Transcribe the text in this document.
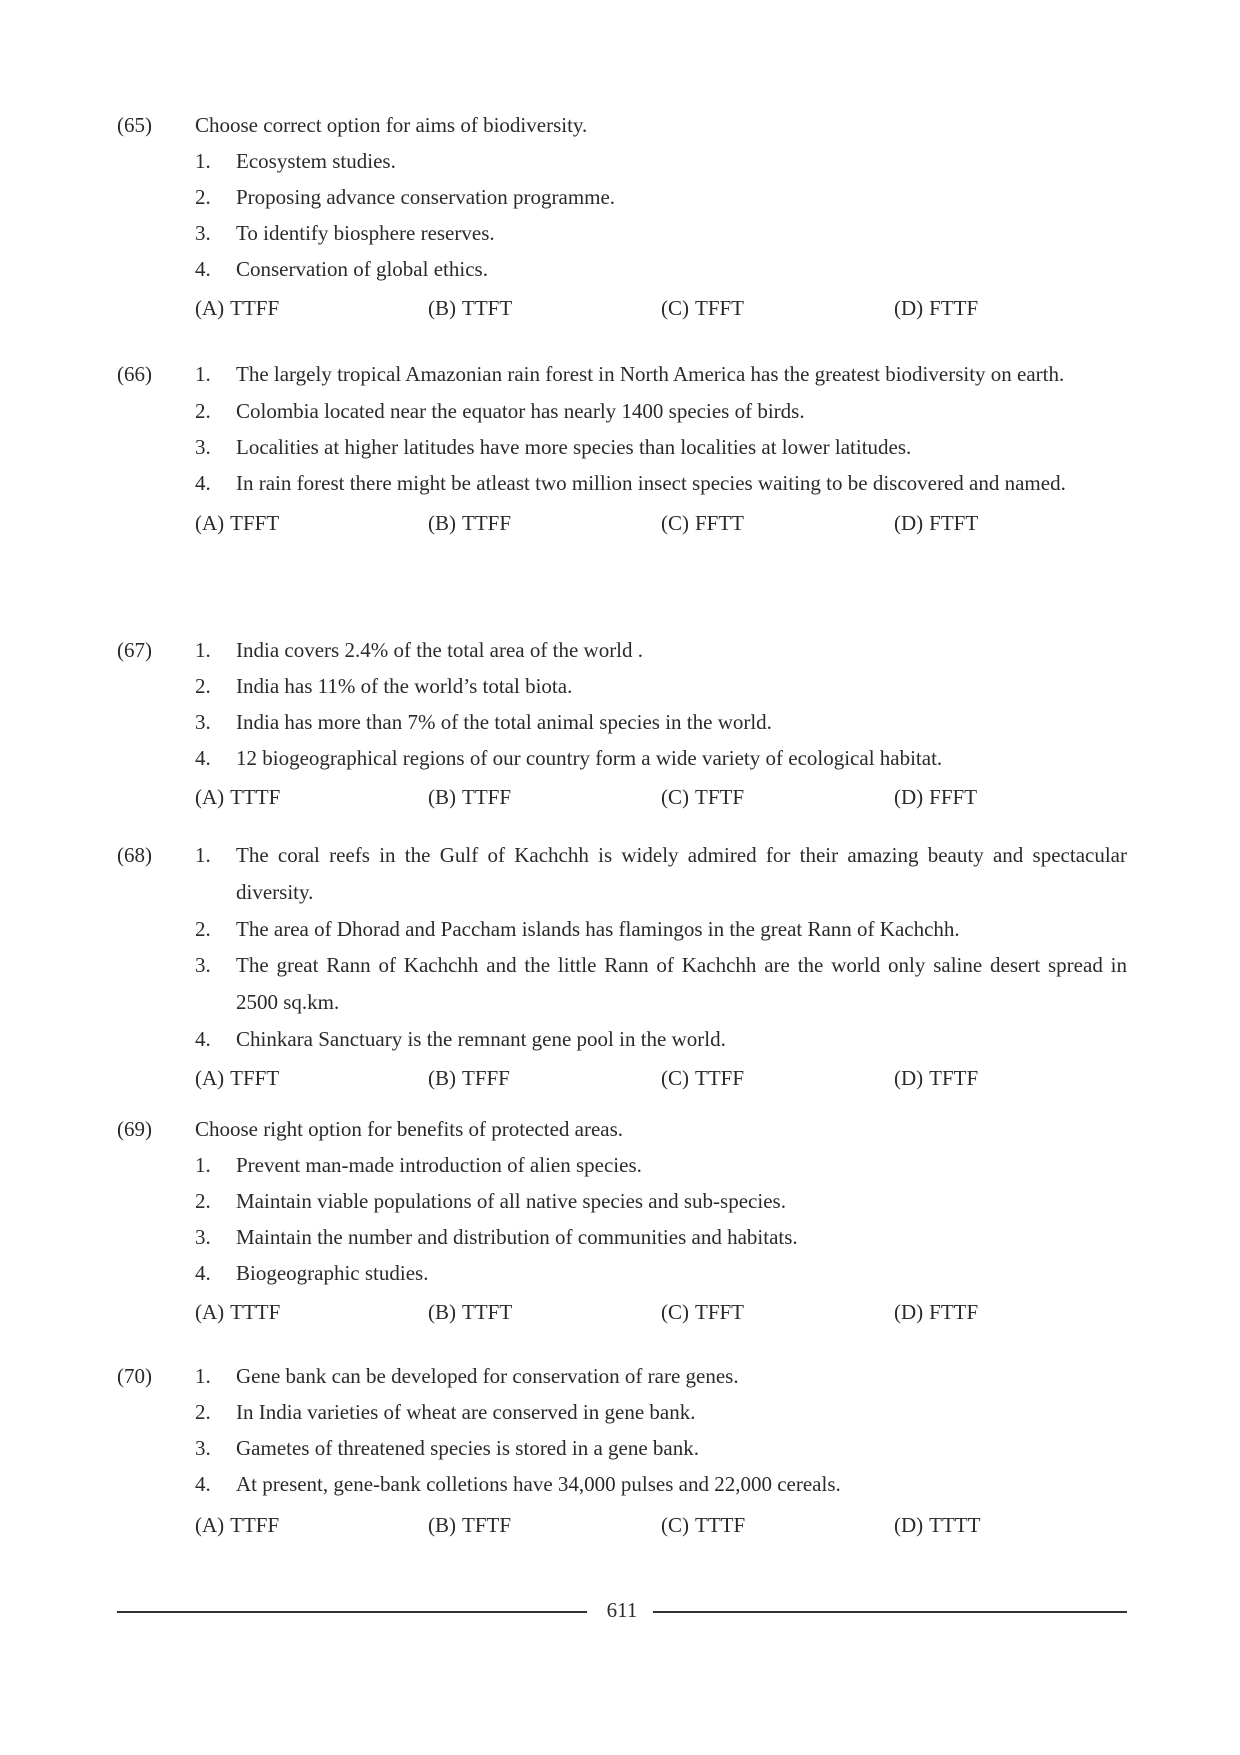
(65) Choose correct option for aims of biodiversity.
1. Ecosystem studies.
2. Proposing advance conservation programme.
3. To identify biosphere reserves.
4. Conservation of global ethics.
(A) TTFF	(B) TTFT	(C) TFFT	(D) FTTF
(66) 1. The largely tropical Amazonian rain forest in North America has the greatest biodiversity on earth.
2. Colombia located near the equator has nearly 1400 species of birds.
3. Localities at higher latitudes have more species than localities at lower latitudes.
4. In rain forest there might be atleast two million insect species waiting to be discovered and named.
(A) TFFT	(B) TTFF	(C) FFTT	(D) FTFT
(67) 1. India covers 2.4% of the total area of the world .
2. India has 11% of the world’s total biota.
3. India has more than 7% of the total animal species in the world.
4. 12 biogeographical regions of our country form a wide variety of ecological habitat.
(A) TTTF	(B) TTFF	(C) TFTF	(D) FFFT
(68) 1. The coral reefs in the Gulf of Kachchh is widely admired for their amazing beauty and spectacular diversity.
2. The area of Dhorad and Paccham islands has flamingos in the great Rann of Kachchh.
3. The great Rann of Kachchh and the little Rann of Kachchh are the world only saline desert spread in 2500 sq.km.
4. Chinkara Sanctuary is the remnant gene pool in the world.
(A) TFFT	(B) TFFF	(C) TTFF	(D) TFTF
(69) Choose right option for benefits of protected areas.
1. Prevent man-made introduction of alien species.
2. Maintain viable populations of all native species and sub-species.
3. Maintain the number and distribution of communities and habitats.
4. Biogeographic studies.
(A) TTTF	(B) TTFT	(C) TFFT	(D) FTTF
(70) 1. Gene bank can be developed for conservation of rare genes.
2. In India varieties of wheat are conserved in gene bank.
3. Gametes of threatened species is stored in a gene bank.
4. At present, gene-bank colletions have 34,000 pulses and 22,000 cereals.
(A) TTFF	(B) TFTF	(C) TTTF	(D) TTTT
611
